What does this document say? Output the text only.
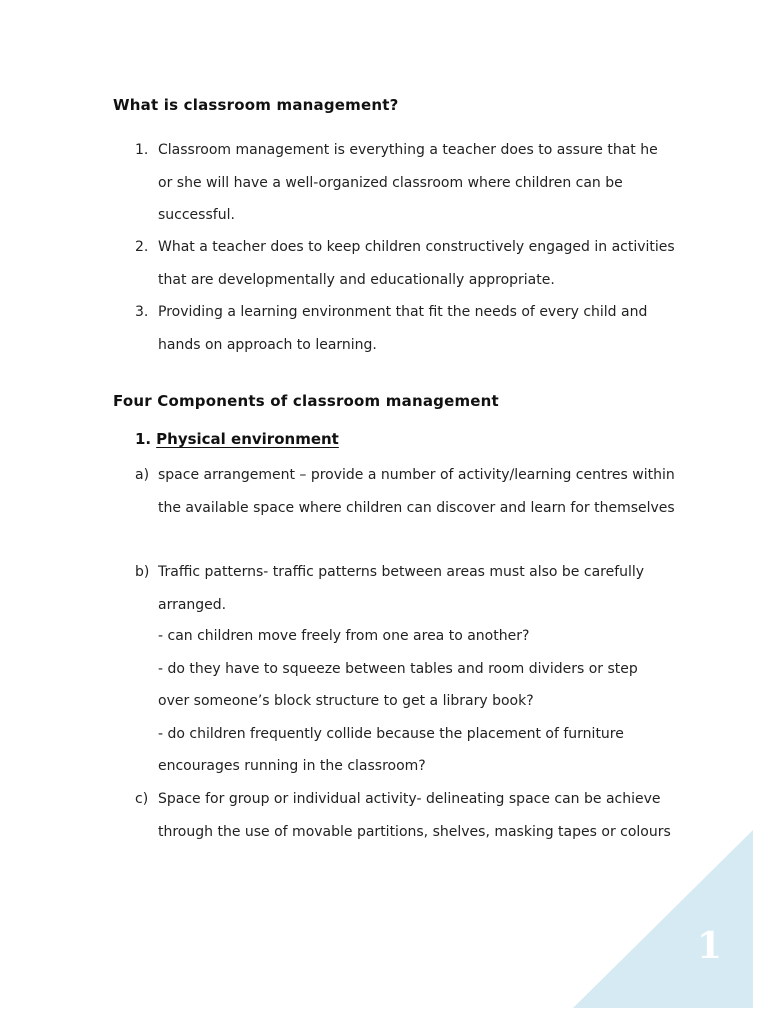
What is classroom management?
1. Classroom management is everything a teacher does to assure that he or she will have a well-organized classroom where children can be successful.
2. What a teacher does to keep children constructively engaged in activities that are developmentally and educationally appropriate.
3. Providing a learning environment that fit the needs of every child and hands on approach to learning.
Four Components of classroom management
1. Physical environment
a) space arrangement – provide a number of activity/learning centres within the available space where children can discover and learn for themselves
b) Traffic patterns- traffic patterns between areas must also be carefully arranged.
- can children move freely from one area to another?
- do they have to squeeze between tables and room dividers or step
over someone’s block structure to get a library book?
- do children frequently collide because the placement of furniture
encourages running in the classroom?
c) Space for group or individual activity- delineating space can be achieve through the use of movable partitions, shelves, masking tapes or colours
1
